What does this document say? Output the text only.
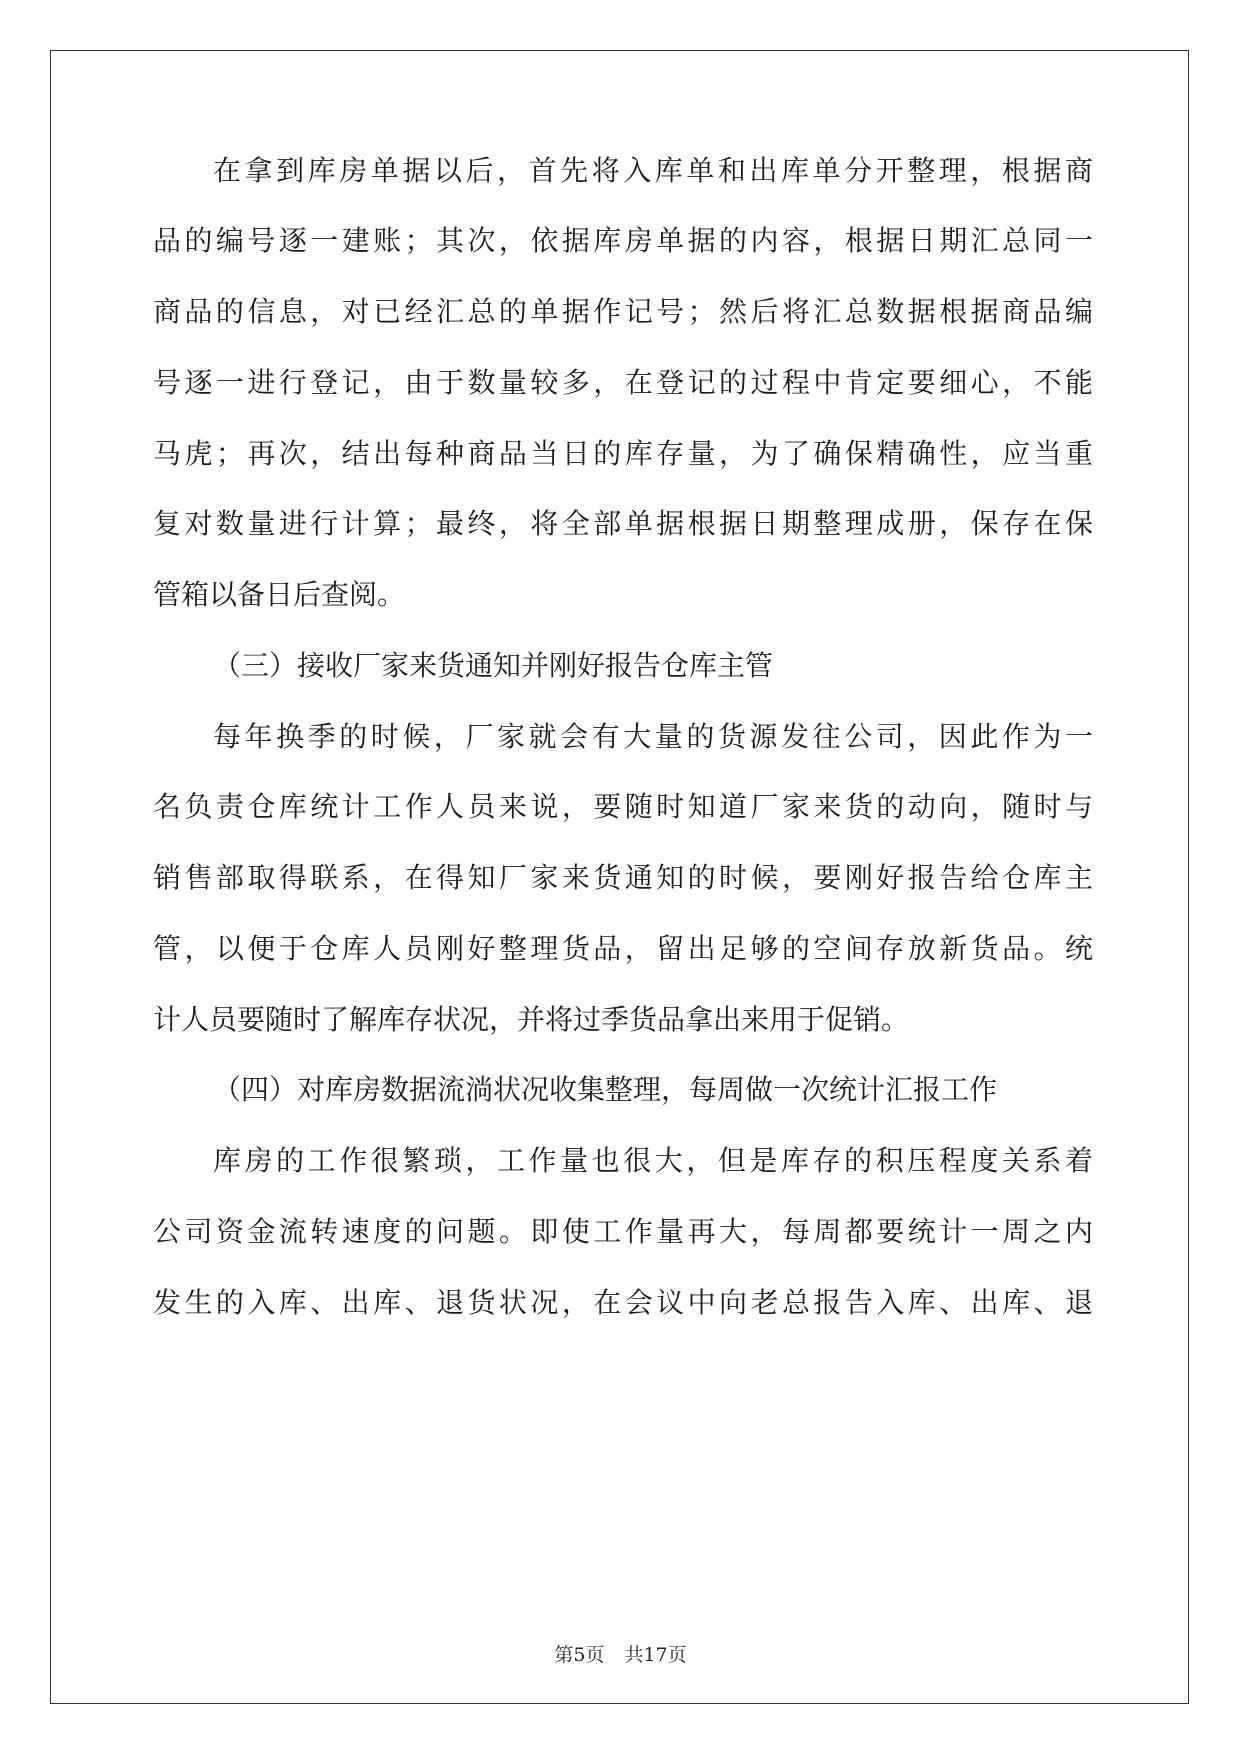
在拿到库房单据以后，首先将入库单和出库单分开整理，根据商
品的编号逐一建账；其次，依据库房单据的内容，根据日期汇总同一
商品的信息，对已经汇总的单据作记号；然后将汇总数据根据商品编
号逐一进行登记，由于数量较多，在登记的过程中肯定要细心，不能
马虎；再次，结出每种商品当日的库存量，为了确保精确性，应当重
复对数量进行计算；最终，将全部单据根据日期整理成册，保存在保
管箱以备日后查阅。
（三）接收厂家来货通知并刚好报告仓库主管
每年换季的时候，厂家就会有大量的货源发往公司，因此作为一
名负责仓库统计工作人员来说，要随时知道厂家来货的动向，随时与
销售部取得联系，在得知厂家来货通知的时候，要刚好报告给仓库主
管，以便于仓库人员刚好整理货品，留出足够的空间存放新货品。统
计人员要随时了解库存状况，并将过季货品拿出来用于促销。
（四）对库房数据流淌状况收集整理，每周做一次统计汇报工作
库房的工作很繁琐，工作量也很大，但是库存的积压程度关系着
公司资金流转速度的问题。即使工作量再大，每周都要统计一周之内
发生的入库、出库、退货状况，在会议中向老总报告入库、出库、退
第5页 共17页
